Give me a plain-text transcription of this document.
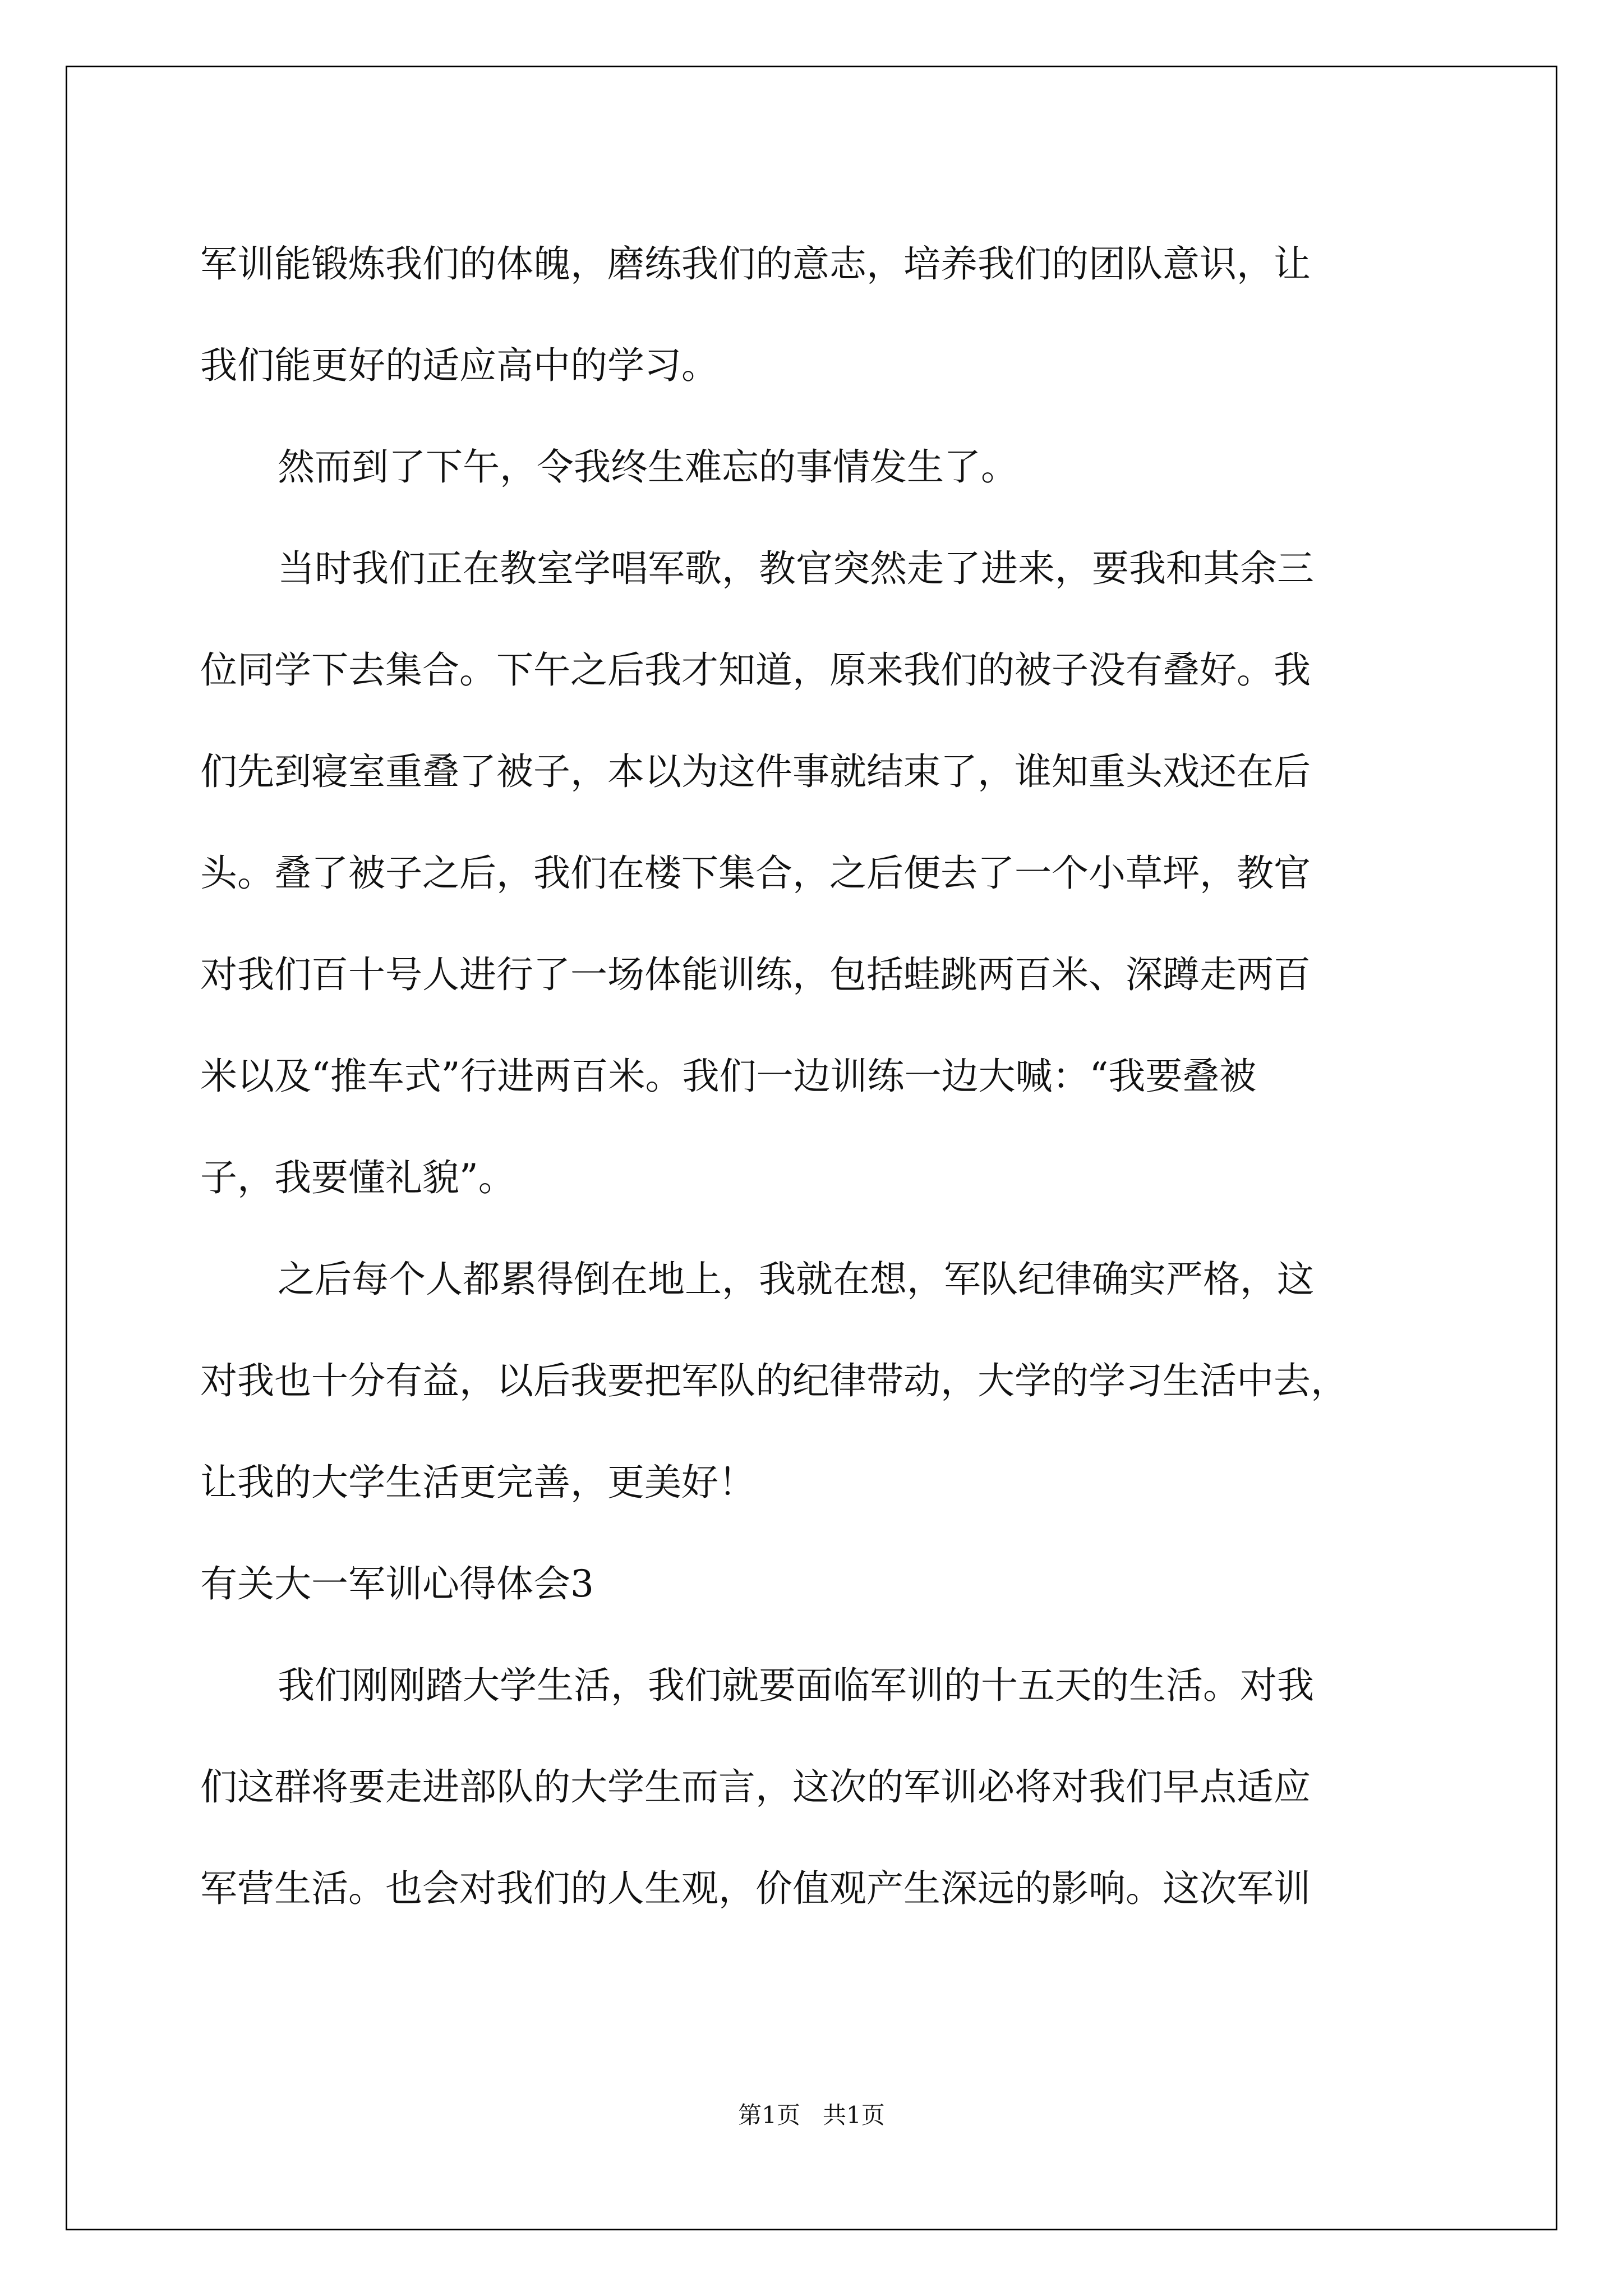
军训能锻炼我们的体魄，磨练我们的意志，培养我们的团队意识，让

我们能更好的适应高中的学习。

然而到了下午，令我终生难忘的事情发生了。

当时我们正在教室学唱军歌，教官突然走了进来，要我和其余三

位同学下去集合。下午之后我才知道，原来我们的被子没有叠好。我

们先到寝室重叠了被子，本以为这件事就结束了，谁知重头戏还在后

头。叠了被子之后，我们在楼下集合，之后便去了一个小草坪，教官

对我们百十号人进行了一场体能训练，包括蛙跳两百米、深蹲走两百

米以及“推车式”行进两百米。我们一边训练一边大喊：“我要叠被

子，我要懂礼貌”。

之后每个人都累得倒在地上，我就在想，军队纪律确实严格，这

对我也十分有益，以后我要把军队的纪律带动，大学的学习生活中去，

让我的大学生活更完善，更美好！

有关大一军训心得体会3

我们刚刚踏大学生活，我们就要面临军训的十五天的生活。对我

们这群将要走进部队的大学生而言，这次的军训必将对我们早点适应

军营生活。也会对我们的人生观，价值观产生深远的影响。这次军训

第1页   共1页
